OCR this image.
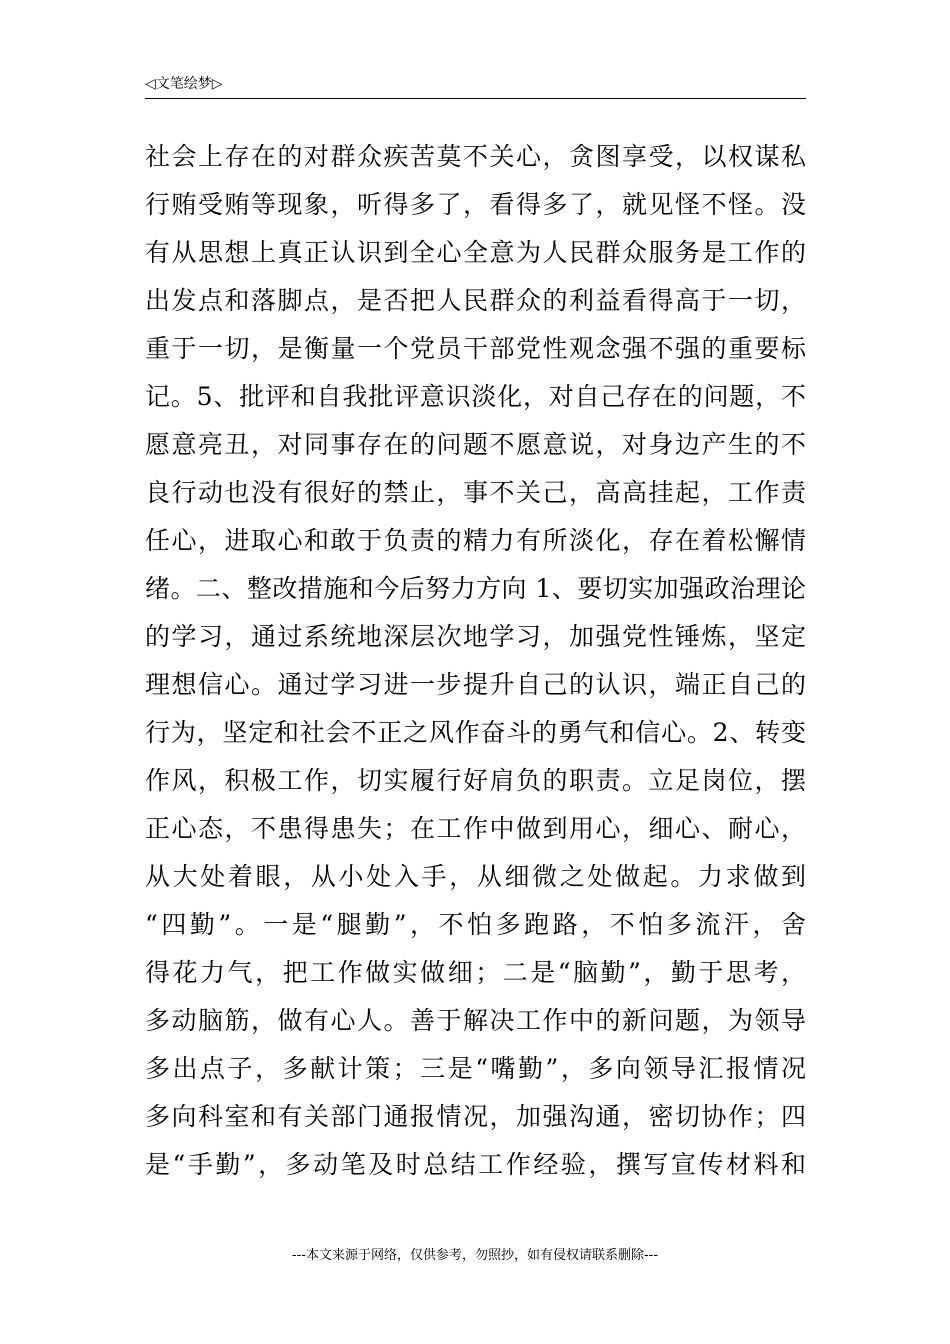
◁文笔绘梦▷
社会上存在的对群众疾苦莫不关心，贪图享受，以权谋私
行贿受贿等现象，听得多了，看得多了，就见怪不怪。没
有从思想上真正认识到全心全意为人民群众服务是工作的
出发点和落脚点，是否把人民群众的利益看得高于一切，
重于一切，是衡量一个党员干部党性观念强不强的重要标
记。5、批评和自我批评意识淡化，对自己存在的问题，不
愿意亮丑，对同事存在的问题不愿意说，对身边产生的不
良行动也没有很好的禁止，事不关己，高高挂起，工作责
任心，进取心和敢于负责的精力有所淡化，存在着松懈情
绪。二、整改措施和今后努力方向 1、要切实加强政治理论
的学习，通过系统地深层次地学习，加强党性锤炼，坚定
理想信心。通过学习进一步提升自己的认识，端正自己的
行为，坚定和社会不正之风作奋斗的勇气和信心。2、转变
作风，积极工作，切实履行好肩负的职责。立足岗位，摆
正心态，不患得患失；在工作中做到用心，细心、耐心，
从大处着眼，从小处入手，从细微之处做起。力求做到
“四勤”。一是“腿勤”，不怕多跑路，不怕多流汗，舍
得花力气，把工作做实做细；二是“脑勤”，勤于思考，
多动脑筋，做有心人。善于解决工作中的新问题，为领导
多出点子，多献计策；三是“嘴勤”，多向领导汇报情况
多向科室和有关部门通报情况，加强沟通，密切协作；四
是“手勤”，多动笔及时总结工作经验，撰写宣传材料和
---本文来源于网络，仅供参考，勿照抄，如有侵权请联系删除---
